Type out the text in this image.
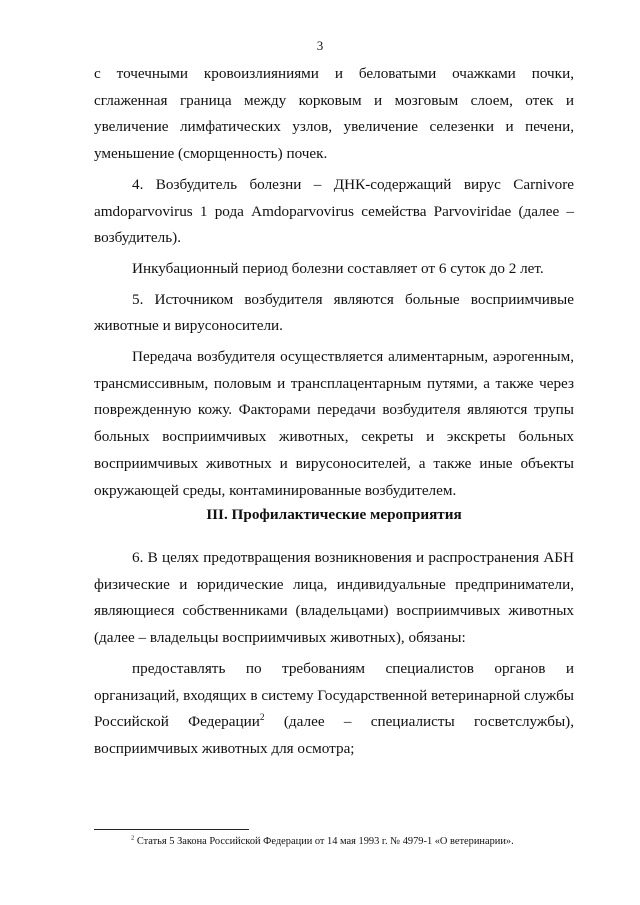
3

с точечными кровоизлияниями и беловатыми очажками почки, сглаженная граница между корковым и мозговым слоем, отек и увеличение лимфатических узлов, увеличение селезенки и печени, уменьшение (сморщенность) почек.

4. Возбудитель болезни – ДНК-содержащий вирус Carnivore amdoparvovirus 1 рода Amdoparvovirus семейства Parvoviridae (далее – возбудитель).

Инкубационный период болезни составляет от 6 суток до 2 лет.

5. Источником возбудителя являются больные восприимчивые животные и вирусоносители.

Передача возбудителя осуществляется алиментарным, аэрогенным, трансмиссивным, половым и трансплацентарным путями, а также через поврежденную кожу. Факторами передачи возбудителя являются трупы больных восприимчивых животных, секреты и экскреты больных восприимчивых животных и вирусоносителей, а также иные объекты окружающей среды, контаминированные возбудителем.

III. Профилактические мероприятия

6. В целях предотвращения возникновения и распространения АБН физические и юридические лица, индивидуальные предприниматели, являющиеся собственниками (владельцами) восприимчивых животных (далее – владельцы восприимчивых животных), обязаны:

предоставлять по требованиям специалистов органов и организаций, входящих в систему Государственной ветеринарной службы Российской Федерации$^2$ (далее – специалисты госветслужбы), восприимчивых животных для осмотра;

$^2$ Статья 5 Закона Российской Федерации от 14 мая 1993 г. № 4979-1 «О ветеринарии».
